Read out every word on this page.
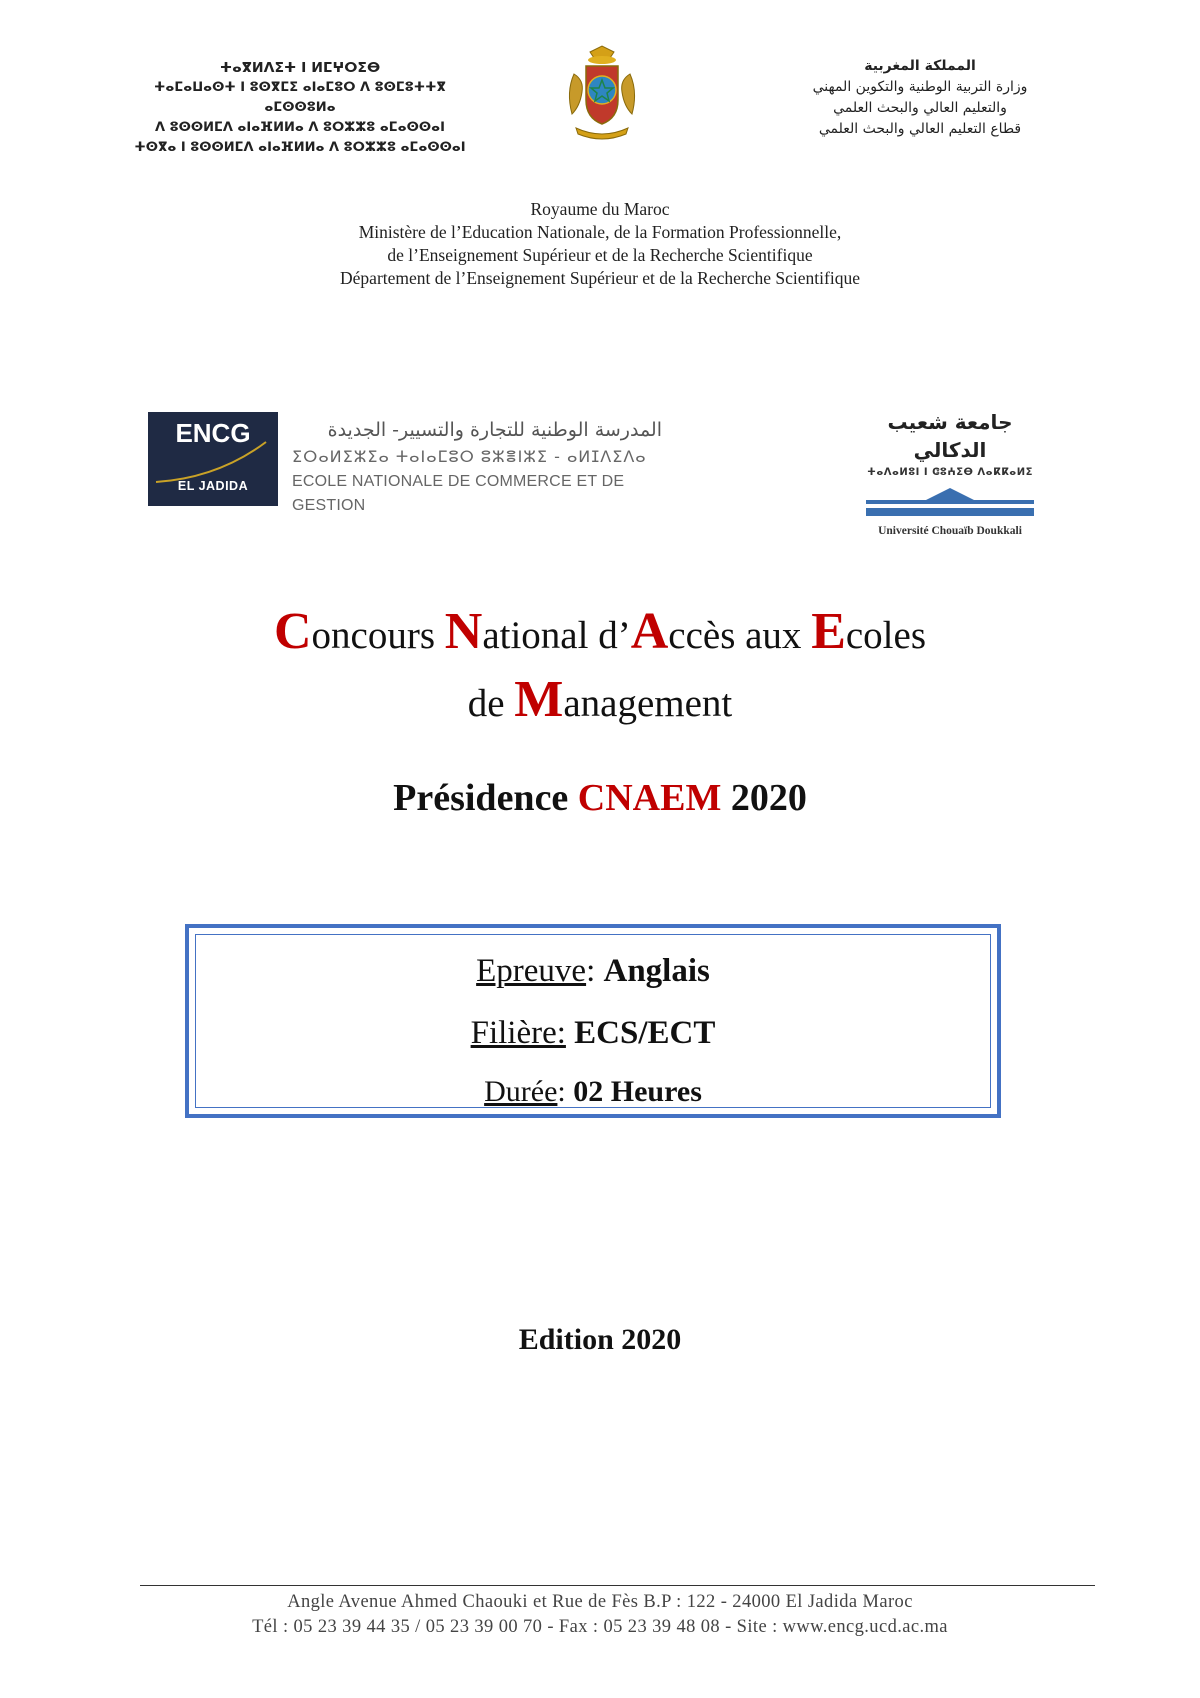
ⵜⴰⴳⵍⴷⵉⵜ ⵏ ⵍⵎⵖⵔⵉⴱ
ⵜⴰⵎⴰⵡⴰⵙⵜ ⵏ ⵓⵙⴳⵎⵉ ⴰⵏⴰⵎⵓⵔ ⴷ ⵓⵙⵎⵓⵜⵜⴳ ⴰⵎⵙⵙⵓⵍⴰ
ⴷ ⵓⵙⵙⵍⵎⴷ ⴰⵏⴰⴼⵍⵍⴰ ⴷ ⵓⵔⵣⵣⵓ ⴰⵎⴰⵙⵙⴰⵏ
ⵜⵙⴳⴰ ⵏ ⵓⵙⵙⵍⵎⴷ ⴰⵏⴰⴼⵍⵍⴰ ⴷ ⵓⵔⵣⵣⵓ ⴰⵎⴰⵙⵙⴰⵏ
المملكة المغربية
وزارة التربية الوطنية والتكوين المهني
والتعليم العالي والبحث العلمي
قطاع التعليم العالي والبحث العلمي
Royaume du Maroc
Ministère de l’Education Nationale, de la Formation Professionnelle,
de l’Enseignement Supérieur et de la Recherche Scientifique
Département de l’Enseignement Supérieur et de la Recherche Scientifique
ENCG
EL JADIDA
المدرسة الوطنية للتجارة والتسيير- الجديدة
ⵉⵔⴰⵍⵉⵣⵉⴰ ⵜⴰⵏⴰⵎⵓⵔ ⵓⵣⴻⵏⵣⵉ - ⴰⵍⵊⴷⵉⴷⴰ
ECOLE NATIONALE DE COMMERCE ET DE GESTION
جامعة شعيب الدكالي
ⵜⴰⴷⴰⵍⵓⵏ ⵏ ⵛⵓⵄⵉⴱ ⴷⴰⴽⴽⴰⵍⵉ
Université Chouaïb Doukkali
Concours National d’Accès aux Ecoles
de Management
Présidence CNAEM 2020
Epreuve: Anglais
Filière: ECS/ECT
Durée: 02 Heures
Edition 2020
Angle Avenue Ahmed Chaouki et Rue de Fès B.P : 122 - 24000 El Jadida Maroc
Tél : 05 23 39 44 35 / 05 23 39 00 70 - Fax : 05 23 39 48 08 - Site : www.encg.ucd.ac.ma
